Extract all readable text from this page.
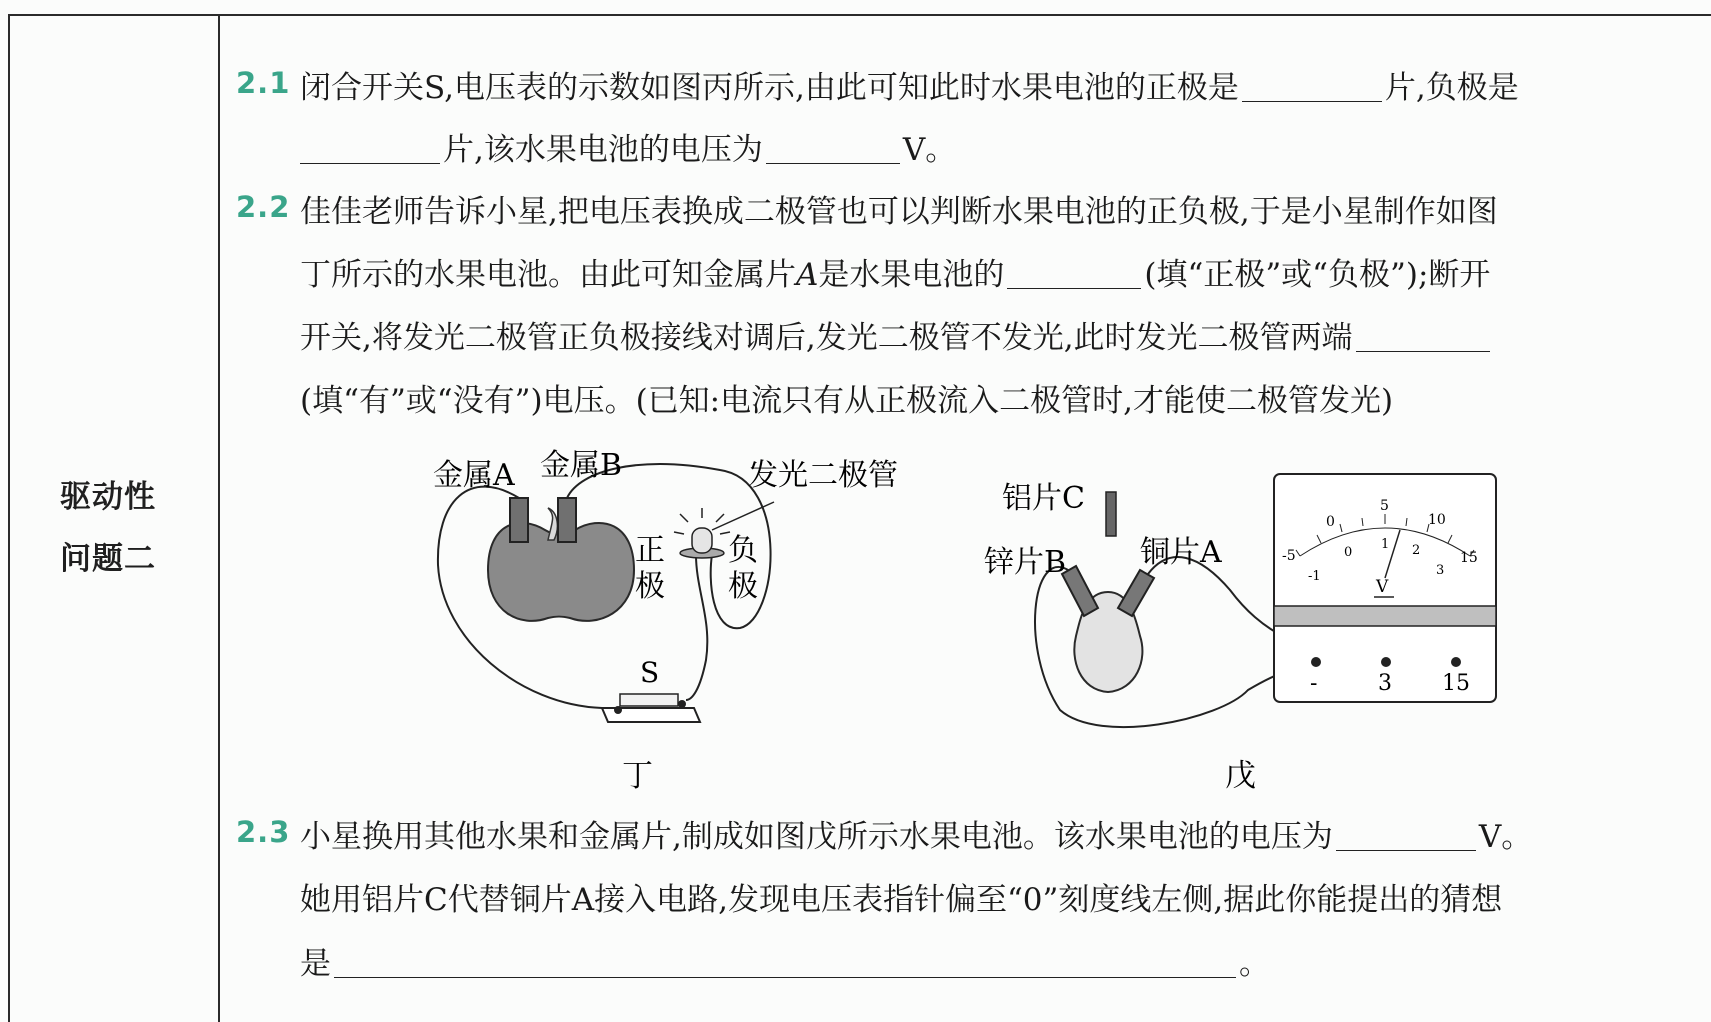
驱动性
问题二
2.1 闭合开关S,电压表的示数如图丙所示,由此可知此时水果电池的正极是	片,负极是
片,该水果电池的电压为	V。
2.2 佳佳老师告诉小星,把电压表换成二极管也可以判断水果电池的正负极,于是小星制作如图
丁所示的水果电池。由此可知金属片A是水果电池的	(填“正极”或“负极”);断开
开关,将发光二极管正负极接线对调后,发光二极管不发光,此时发光二极管两端
(填“有”或“没有”)电压。(已知:电流只有从正极流入二极管时,才能使二极管发光)
金属A 金属B	发光二极管
正
极
负
极
S
丁
-5
0
5
10
15
-1
0
1 2
3
V
-	3 15
铝片C
锌片B 铜片A
戊
2.3 小星换用其他水果和金属片,制成如图戊所示水果电池。该水果电池的电压为	V。
她用铝片C代替铜片A接入电路,发现电压表指针偏至“0”刻度线左侧,据此你能提出的猜想
是	。
